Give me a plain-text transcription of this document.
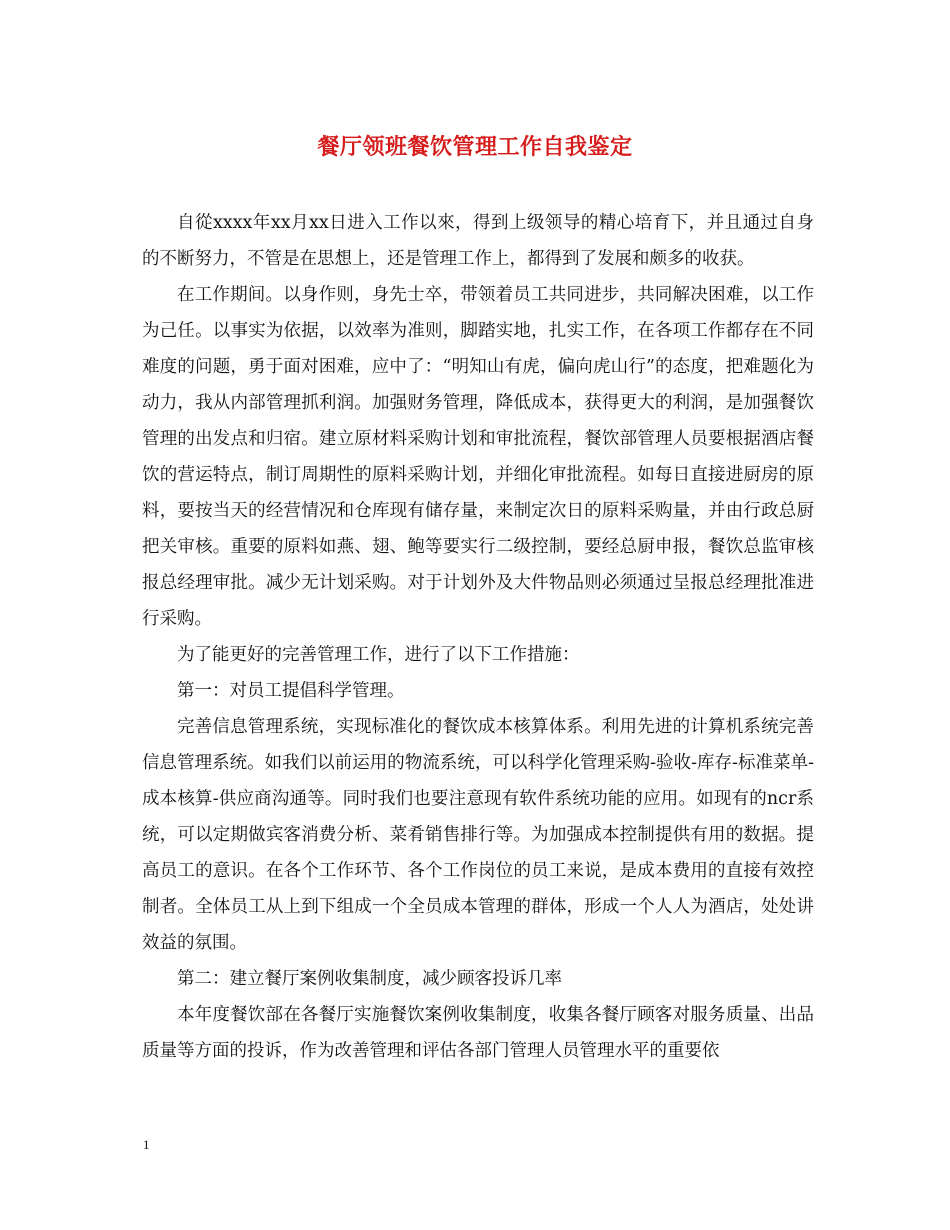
餐厅领班餐饮管理工作自我鉴定

自從xxxx年xx月xx日进入工作以來，得到上级领导的精心培育下，并且通过自身的不断努力，不管是在思想上，还是管理工作上，都得到了发展和颇多的收获。

在工作期间。以身作则，身先士卒，带领着员工共同进步，共同解决困难，以工作为己任。以事实为依据，以效率为准则，脚踏实地，扎实工作，在各项工作都存在不同难度的问题，勇于面对困难，应中了：“明知山有虎，偏向虎山行”的态度，把难题化为动力，我从内部管理抓利润。加强财务管理，降低成本，获得更大的利润，是加强餐饮管理的出发点和归宿。建立原材料采购计划和审批流程，餐饮部管理人员要根据酒店餐饮的营运特点，制订周期性的原料采购计划，并细化审批流程。如每日直接进厨房的原料，要按当天的经营情况和仓库现有储存量，来制定次日的原料采购量，并由行政总厨把关审核。重要的原料如燕、翅、鲍等要实行二级控制，要经总厨申报，餐饮总监审核报总经理审批。减少无计划采购。对于计划外及大件物品则必须通过呈报总经理批准进行采购。

为了能更好的完善管理工作，进行了以下工作措施：

第一：对员工提倡科学管理。

完善信息管理系统，实现标准化的餐饮成本核算体系。利用先进的计算机系统完善信息管理系统。如我们以前运用的物流系统，可以科学化管理采购-验收-库存-标准菜单-成本核算-供应商沟通等。同时我们也要注意现有软件系统功能的应用。如现有的ncr系统，可以定期做宾客消费分析、菜肴销售排行等。为加强成本控制提供有用的数据。提高员工的意识。在各个工作环节、各个工作岗位的员工来说，是成本费用的直接有效控制者。全体员工从上到下组成一个全员成本管理的群体，形成一个人人为酒店，处处讲效益的氛围。

第二：建立餐厅案例收集制度，减少顾客投诉几率

本年度餐饮部在各餐厅实施餐饮案例收集制度，收集各餐厅顾客对服务质量、出品质量等方面的投诉，作为改善管理和评估各部门管理人员管理水平的重要依

1
